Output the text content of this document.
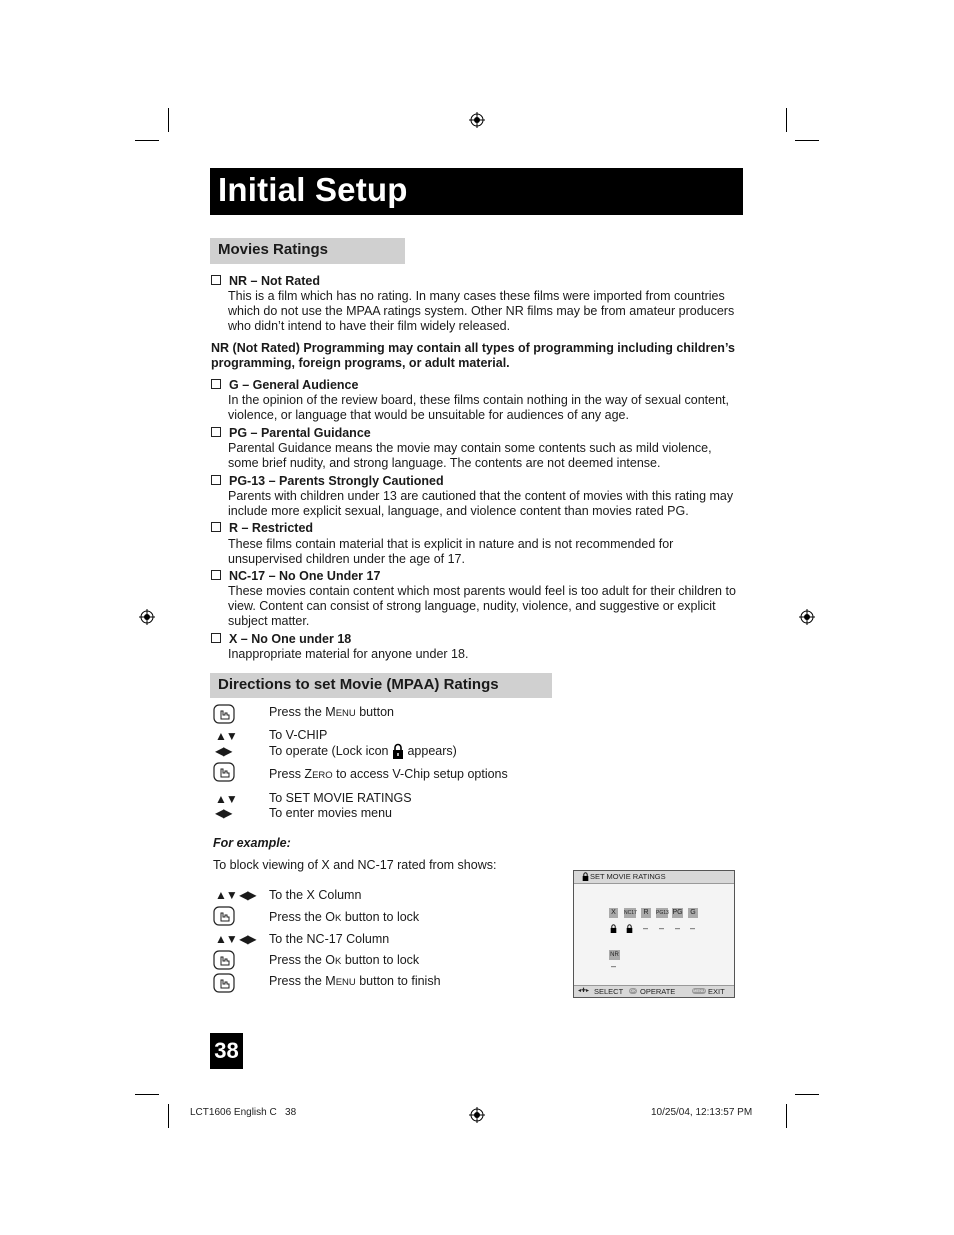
Initial Setup
Movies Ratings
NR – Not Rated
This is a film which has no rating. In many cases these films were imported from countries which do not use the MPAA ratings system. Other NR films may be from amateur producers who didn’t intend to have their film widely released.
NR (Not Rated) Programming may contain all types of programming including children’s programming, foreign programs, or adult material.
G – General Audience
In the opinion of the review board, these films contain nothing in the way of sexual content, violence, or language that would be unsuitable for audiences of any age.
PG – Parental Guidance
Parental Guidance means the movie may contain some contents such as mild violence, some brief nudity, and strong language. The contents are not deemed intense.
PG-13 – Parents Strongly Cautioned
Parents with children under 13 are cautioned that the content of movies with this rating may include more explicit sexual, language, and violence content than movies rated PG.
R – Restricted
These films contain material that is explicit in nature and is not recommended for unsupervised children under the age of 17.
NC-17 – No One Under 17
These movies contain content which most parents would feel is too adult for their children to view. Content can consist of strong language, nudity, violence, and suggestive or explicit subject matter.
X – No One under 18
Inappropriate material for anyone under 18.
Directions to set Movie (MPAA) Ratings
Press the MENU button
▲▼	To V-CHIP
◀▶	To operate (Lock icon  appears)
Press ZERO to access V-Chip setup options
▲▼	To SET MOVIE RATINGS
◀▶	To enter movies menu
For example:
To block viewing of X and NC-17 rated from shows:
▲▼ ◀▶ To the X Column
Press the OK button to lock
▲▼ ◀▶ To the NC-17 Column
Press the OK button to lock
Press the MENU button to finish
SET MOVIE RATINGS
X	NC17 R	PG13 PG	G
– – – –
NR
–
◂✚▸ SELECT OK OPERATE	MENU EXIT
38
LCT1606 English C   38	10/25/04, 12:13:57 PM
